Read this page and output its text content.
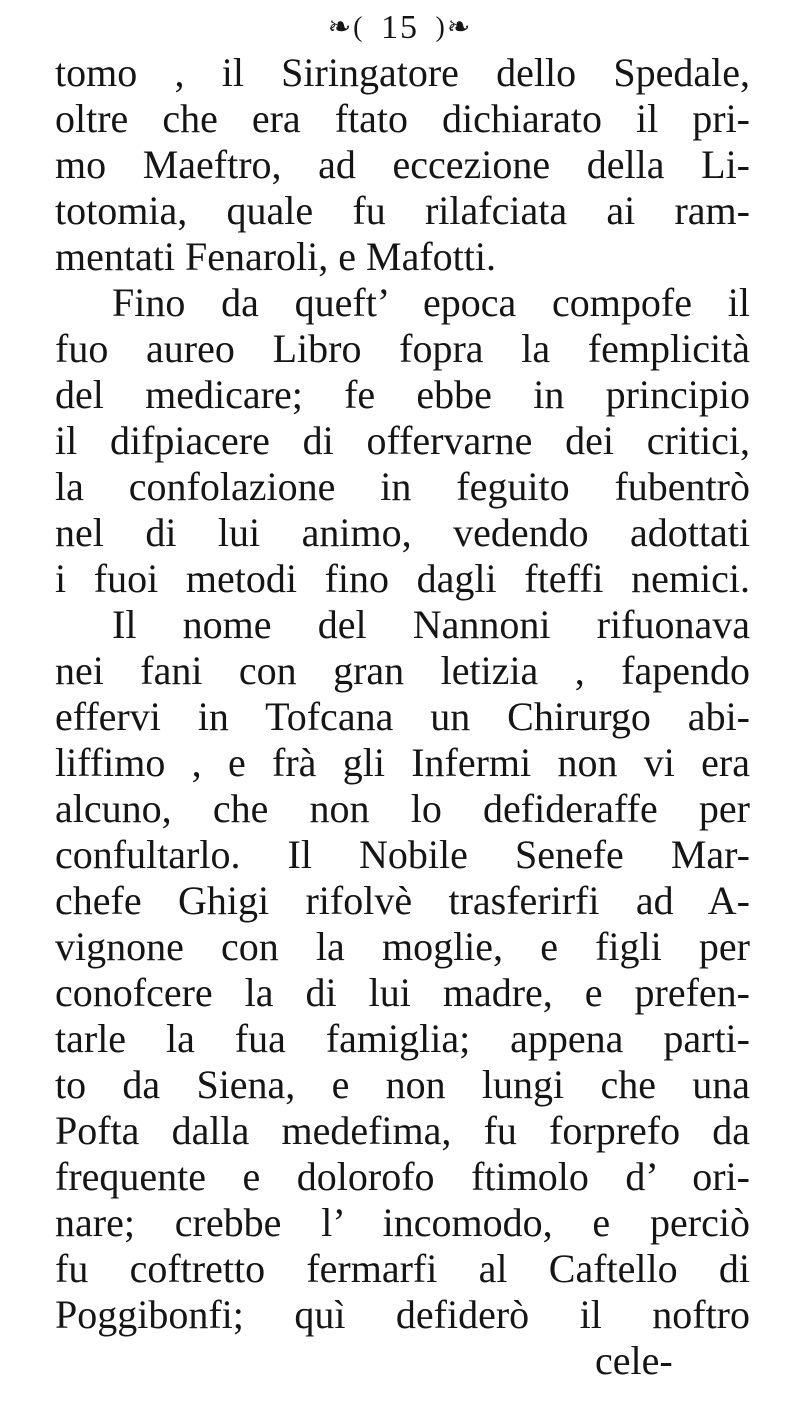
❧( 15 )❧
tomo , il Siringatore dello Spedale,
oltre che era ftato dichiarato il pri-
mo Maeftro, ad eccezione della Li-
totomia, quale fu rilafciata ai ram-
mentati Fenaroli, e Mafotti.
Fino da queft’ epoca compofe il
fuo aureo Libro fopra la femplicità
del medicare; fe ebbe in principio
il difpiacere di offervarne dei critici,
la confolazione in feguito fubentrò
nel di lui animo, vedendo adottati
i fuoi metodi fino dagli fteffi nemici.
Il nome del Nannoni rifuonava
nei fani con gran letizia , fapendo
effervi in Tofcana un Chirurgo abi-
liffimo , e frà gli Infermi non vi era
alcuno, che non lo defideraffe per
confultarlo. Il Nobile Senefe Mar-
chefe Ghigi rifolvè trasferirfi ad A-
vignone con la moglie, e figli per
conofcere la di lui madre, e prefen-
tarle la fua famiglia; appena parti-
to da Siena, e non lungi che una
Pofta dalla medefima, fu forprefo da
frequente e dolorofo ftimolo d’ ori-
nare; crebbe l’ incomodo, e perciò
fu coftretto fermarfi al Caftello di
Poggibonfi; quì defiderò il noftro
cele-
